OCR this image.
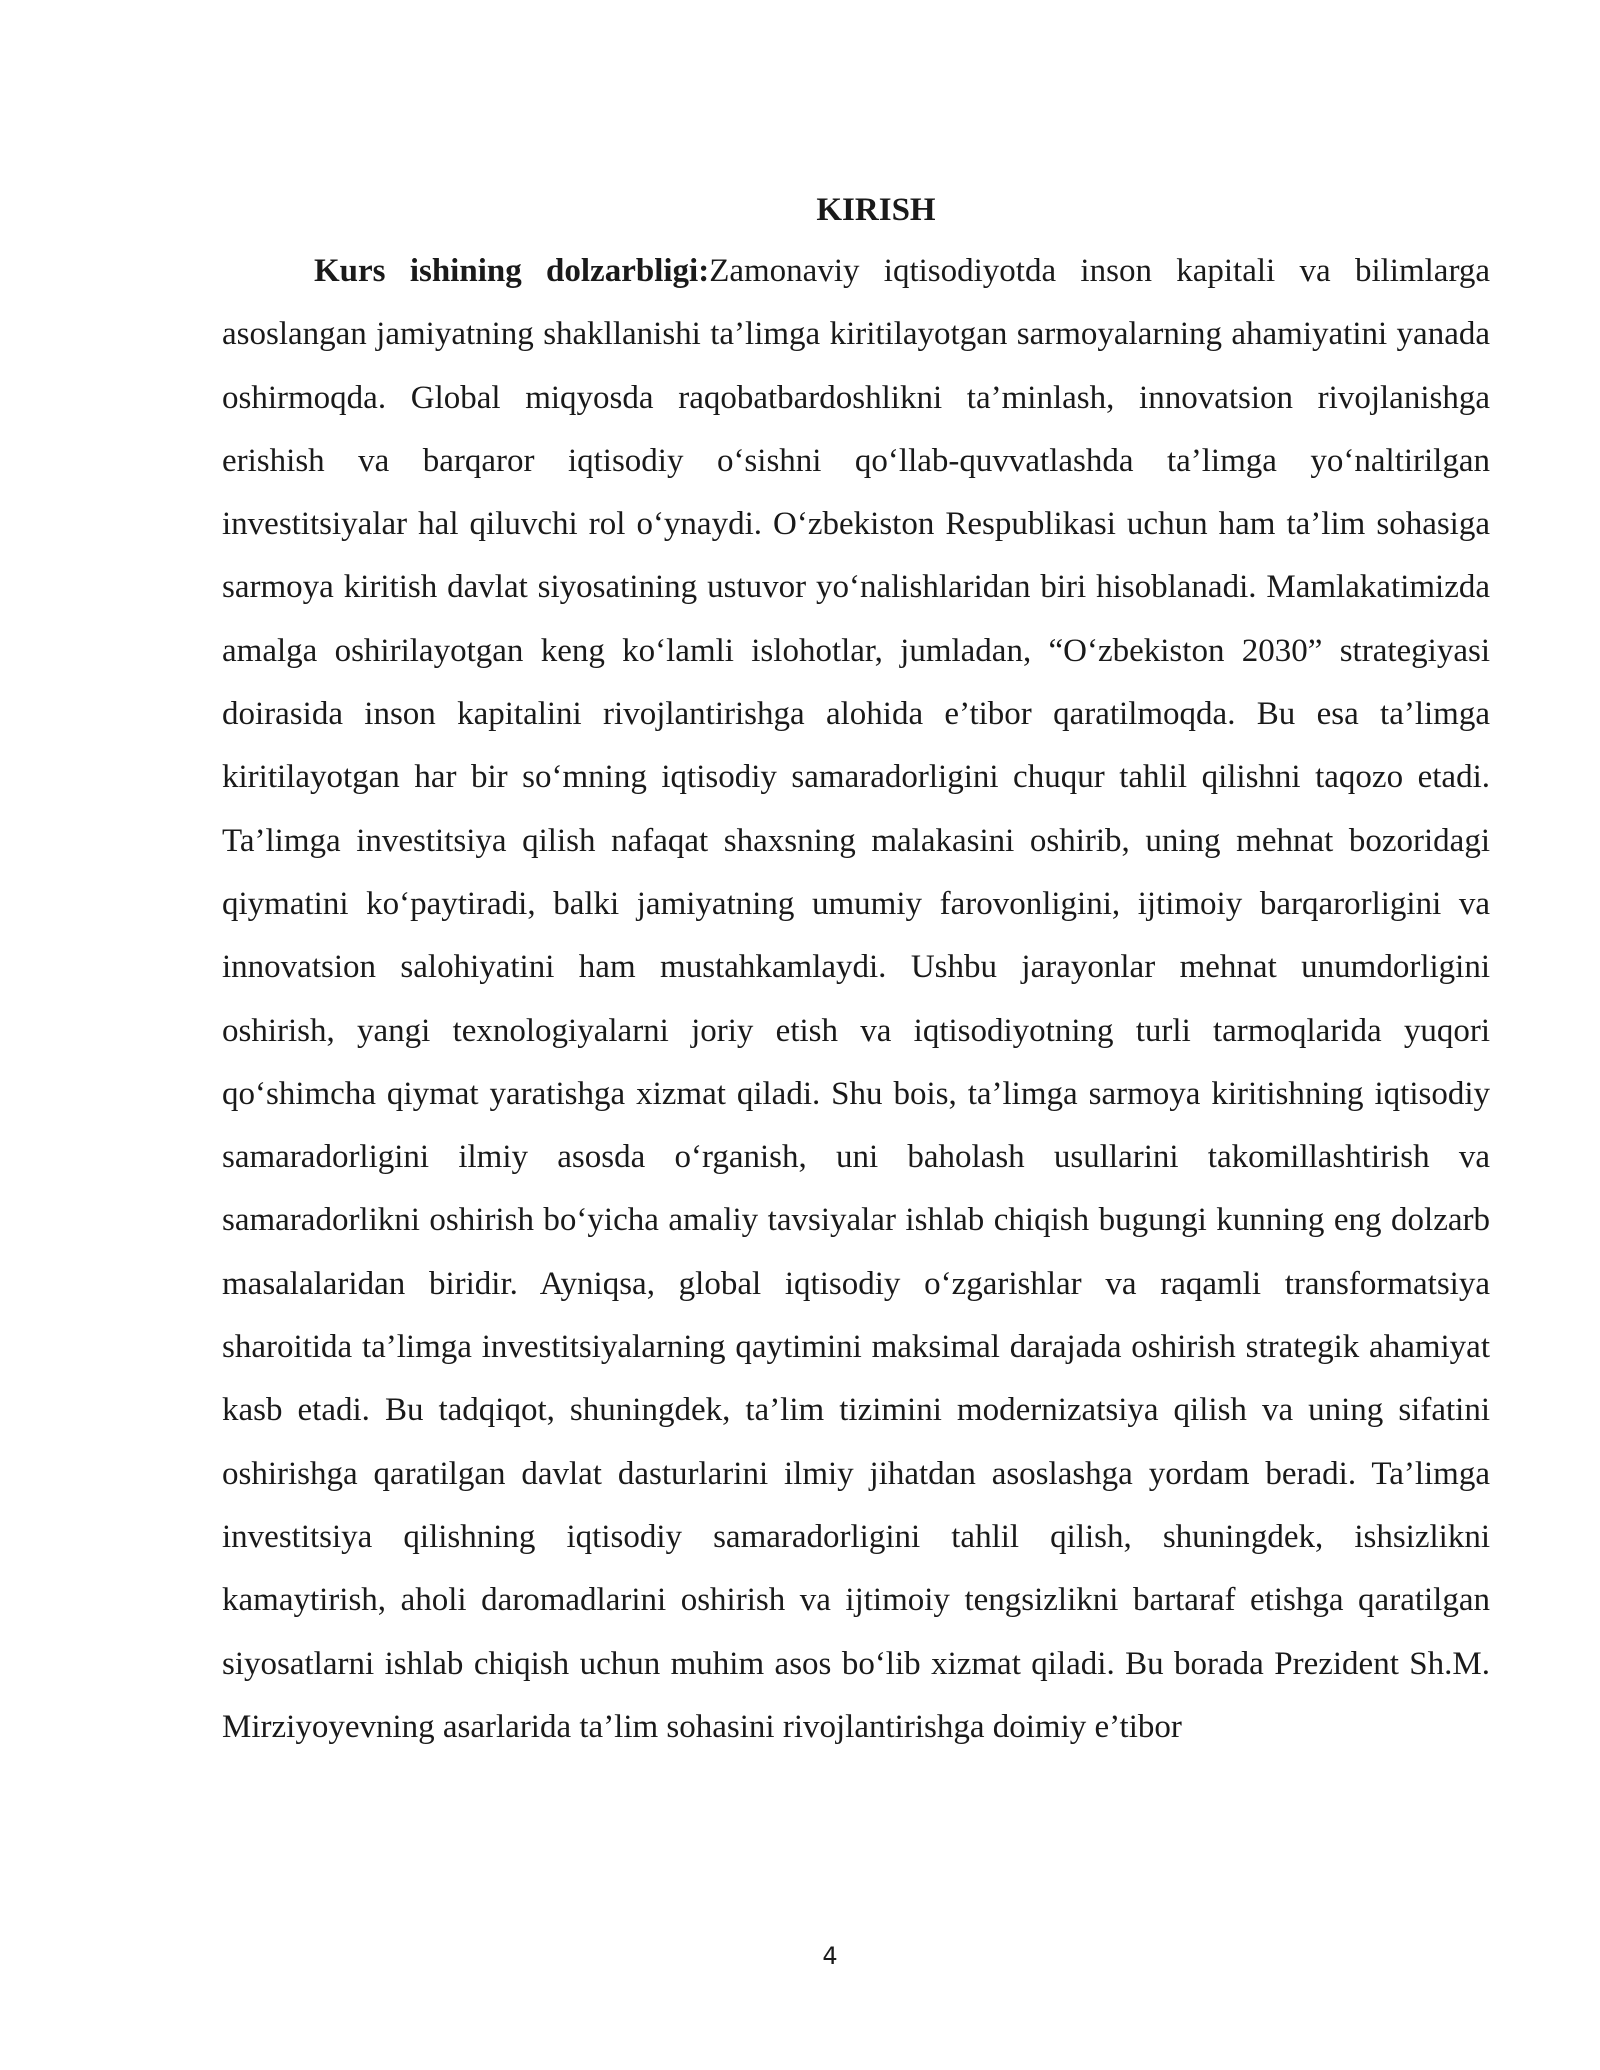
KIRISH

Kurs ishining dolzarbligi:Zamonaviy iqtisodiyotda inson kapitali va bilimlarga asoslangan jamiyatning shakllanishi ta’limga kiritilayotgan sarmoyalarning ahamiyatini yanada oshirmoqda. Global miqyosda raqobatbardoshlikni ta’minlash, innovatsion rivojlanishga erishish va barqaror iqtisodiy o‘sishni qo‘llab-quvvatlashda ta’limga yo‘naltirilgan investitsiyalar hal qiluvchi rol o‘ynaydi. O‘zbekiston Respublikasi uchun ham ta’lim sohasiga sarmoya kiritish davlat siyosatining ustuvor yo‘nalishlaridan biri hisoblanadi. Mamlakatimizda amalga oshirilayotgan keng ko‘lamli islohotlar, jumladan, “O‘zbekiston 2030” strategiyasi doirasida inson kapitalini rivojlantirishga alohida e’tibor qaratilmoqda. Bu esa ta’limga kiritilayotgan har bir so‘mning iqtisodiy samaradorligini chuqur tahlil qilishni taqozo etadi. Ta’limga investitsiya qilish nafaqat shaxsning malakasini oshirib, uning mehnat bozoridagi qiymatini ko‘paytiradi, balki jamiyatning umumiy farovonligini, ijtimoiy barqarorligini va innovatsion salohiyatini ham mustahkamlaydi. Ushbu jarayonlar mehnat unumdorligini oshirish, yangi texnologiyalarni joriy etish va iqtisodiyotning turli tarmoqlarida yuqori qo‘shimcha qiymat yaratishga xizmat qiladi. Shu bois, ta’limga sarmoya kiritishning iqtisodiy samaradorligini ilmiy asosda o‘rganish, uni baholash usullarini takomillashtirish va samaradorlikni oshirish bo‘yicha amaliy tavsiyalar ishlab chiqish bugungi kunning eng dolzarb masalalaridan biridir. Ayniqsa, global iqtisodiy o‘zgarishlar va raqamli transformatsiya sharoitida ta’limga investitsiyalarning qaytimini maksimal darajada oshirish strategik ahamiyat kasb etadi. Bu tadqiqot, shuningdek, ta’lim tizimini modernizatsiya qilish va uning sifatini oshirishga qaratilgan davlat dasturlarini ilmiy jihatdan asoslashga yordam beradi. Ta’limga investitsiya qilishning iqtisodiy samaradorligini tahlil qilish, shuningdek, ishsizlikni kamaytirish, aholi daromadlarini oshirish va ijtimoiy tengsizlikni bartaraf etishga qaratilgan siyosatlarni ishlab chiqish uchun muhim asos bo‘lib xizmat qiladi. Bu borada Prezident Sh.M. Mirziyoyevning asarlarida ta’lim sohasini rivojlantirishga doimiy e’tibor

4
